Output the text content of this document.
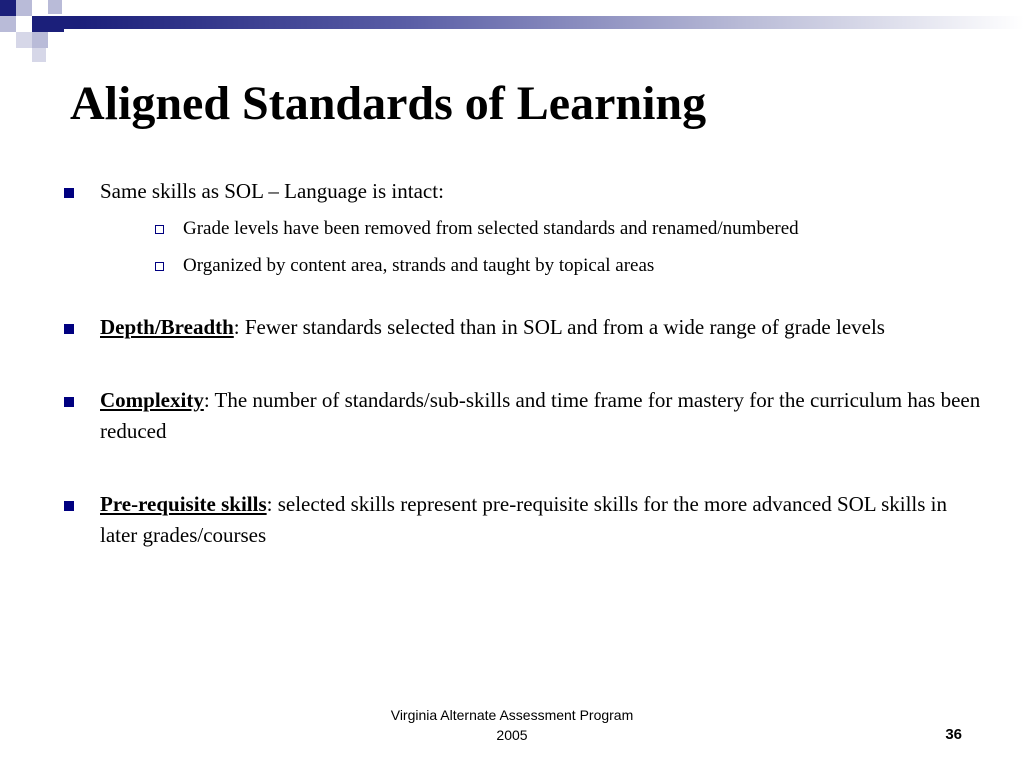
Aligned Standards of Learning
Same skills as SOL – Language is intact:
Grade levels have been removed from selected standards and renamed/numbered
Organized by content area, strands and taught by topical areas
Depth/Breadth: Fewer standards selected than in SOL and from a wide range of grade levels
Complexity: The number of standards/sub-skills and time frame for mastery for the curriculum has been reduced
Pre-requisite skills: selected skills represent pre-requisite skills for the more advanced SOL skills in later grades/courses
Virginia Alternate Assessment Program
2005	36
